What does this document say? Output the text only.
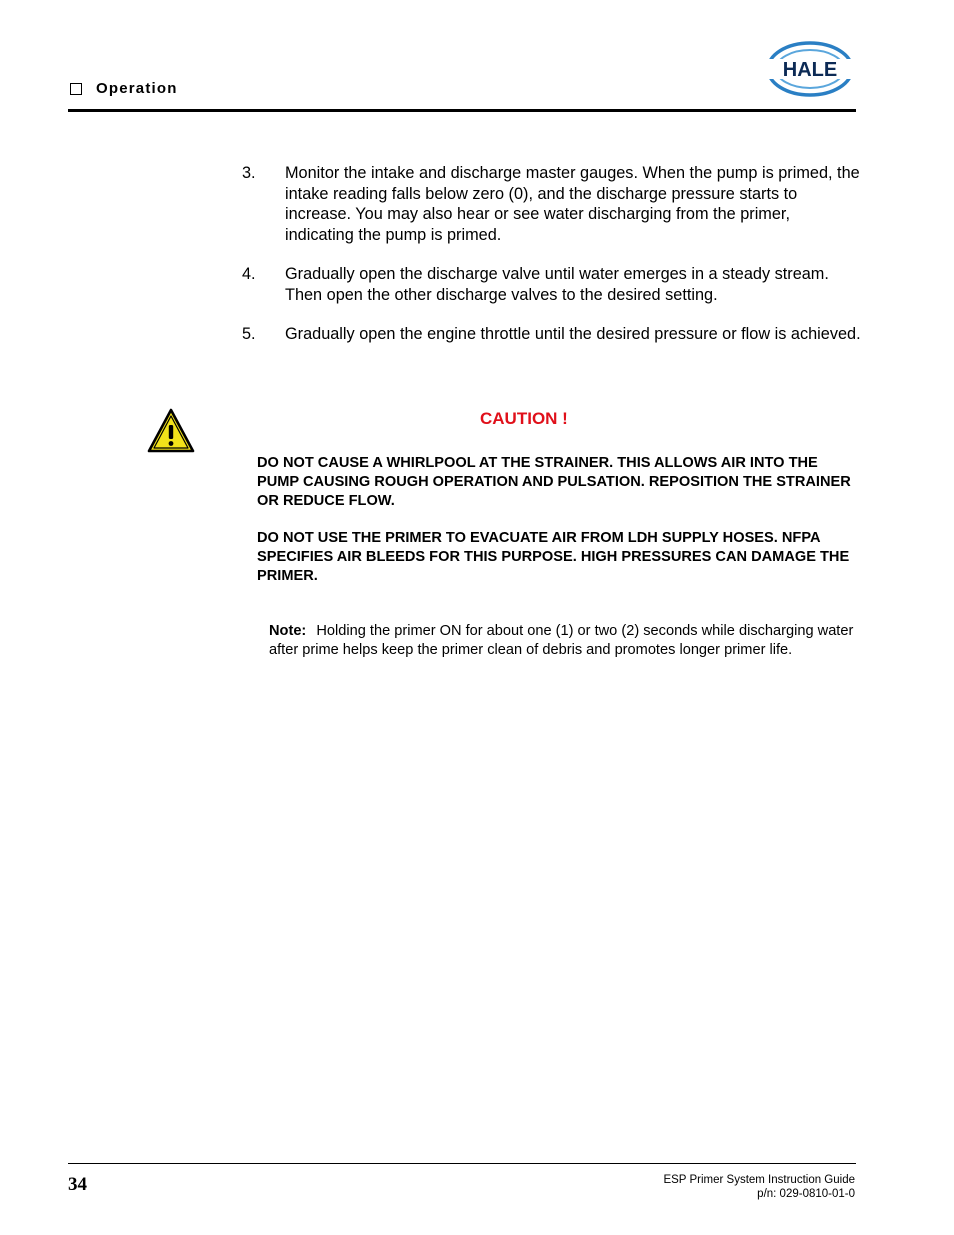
Operation
HALE
3.	Monitor the intake and discharge master gauges. When the pump is primed, the intake reading falls below zero (0), and the discharge pressure starts to increase. You may also hear or see water discharging from the primer, indicating the pump is primed.
4.	Gradually open the discharge valve until water emerges in a steady stream. Then open the other discharge valves to the desired setting.
5.	Gradually open the engine throttle until the desired pressure or flow is achieved.
CAUTION !

DO NOT CAUSE A WHIRLPOOL AT THE STRAINER. THIS ALLOWS AIR INTO THE PUMP CAUSING ROUGH OPERATION AND PULSATION. REPOSITION THE STRAINER OR REDUCE FLOW.

DO NOT USE THE PRIMER TO EVACUATE AIR FROM LDH SUPPLY HOSES. NFPA SPECIFIES AIR BLEEDS FOR THIS PURPOSE. HIGH PRESSURES CAN DAMAGE THE PRIMER.

Note: Holding the primer ON for about one (1) or two (2) seconds while discharging water after prime helps keep the primer clean of debris and promotes longer primer life.
34	ESP Primer System Instruction Guide
p/n: 029-0810-01-0
